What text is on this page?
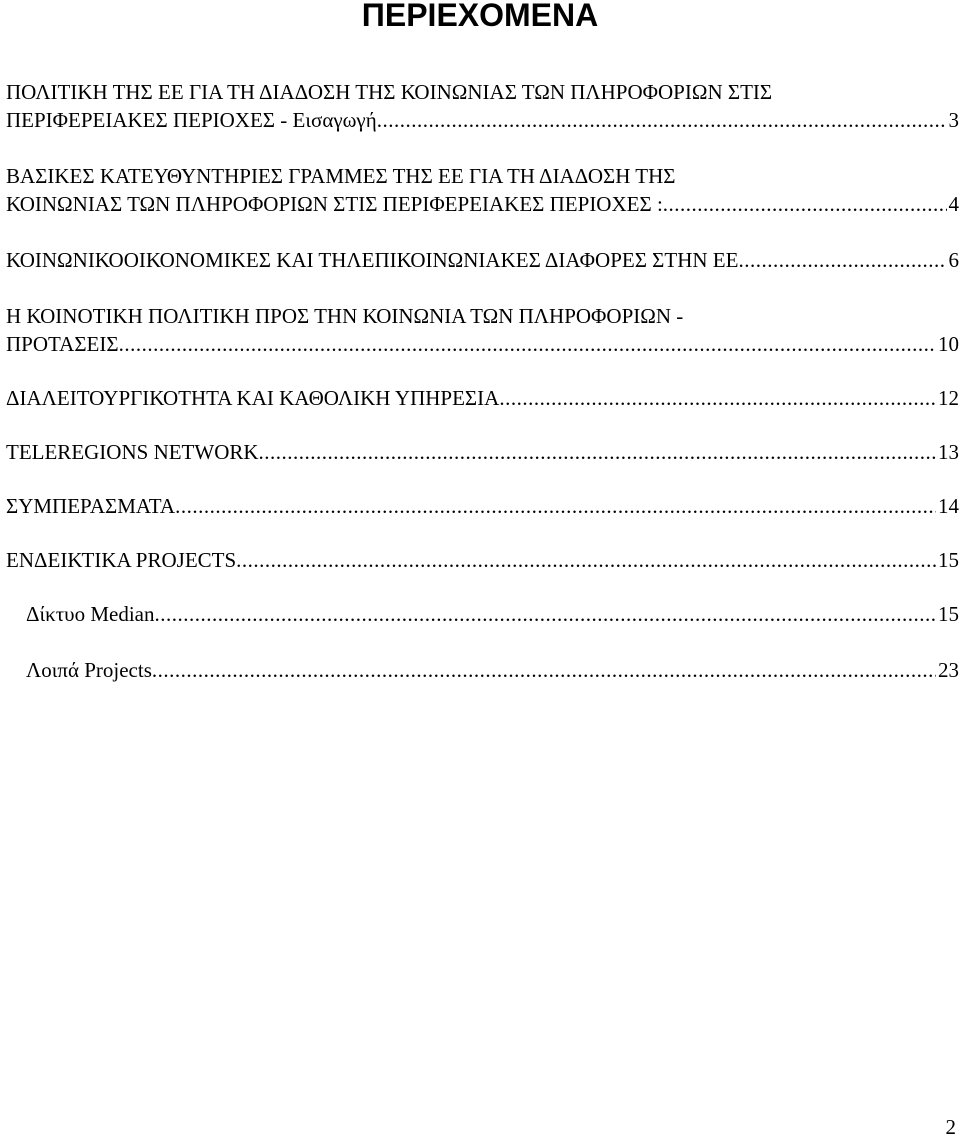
ΠΕΡΙΕΧΟΜΕΝΑ
ΠΟΛΙΤΙΚΗ ΤΗΣ ΕΕ ΓΙΑ ΤΗ ΔΙΑΔΟΣΗ ΤΗΣ ΚΟΙΝΩΝΙΑΣ ΤΩΝ ΠΛΗΡΟΦΟΡΙΩΝ ΣΤΙΣ
ΠΕΡΙΦΕΡΕΙΑΚΕΣ ΠΕΡΙΟΧΕΣ - Εισαγωγή .....	3
ΒΑΣΙΚΕΣ ΚΑΤΕΥΘΥΝΤΗΡΙΕΣ ΓΡΑΜΜΕΣ ΤΗΣ ΕΕ ΓΙΑ ΤΗ ΔΙΑΔΟΣΗ ΤΗΣ
ΚΟΙΝΩΝΙΑΣ ΤΩΝ ΠΛΗΡΟΦΟΡΙΩΝ ΣΤΙΣ ΠΕΡΙΦΕΡΕΙΑΚΕΣ ΠΕΡΙΟΧΕΣ : .....	4
ΚΟΙΝΩΝΙΚΟΟΙΚΟΝΟΜΙΚΕΣ ΚΑΙ ΤΗΛΕΠΙΚΟΙΝΩΝΙΑΚΕΣ ΔΙΑΦΟΡΕΣ ΣΤΗΝ ΕΕ .....	6
Η ΚΟΙΝΟΤΙΚΗ ΠΟΛΙΤΙΚΗ ΠΡΟΣ ΤΗΝ ΚΟΙΝΩΝΙΑ ΤΩΝ ΠΛΗΡΟΦΟΡΙΩΝ -
ΠΡΟΤΑΣΕΙΣ .....	10
ΔΙΑΛΕΙΤΟΥΡΓΙΚΟΤΗΤΑ ΚΑΙ ΚΑΘΟΛΙΚΗ ΥΠΗΡΕΣΙΑ .....	12
TELEREGIONS NETWORK .....	13
ΣΥΜΠΕΡΑΣΜΑΤΑ .....	14
ΕΝΔΕΙΚΤΙΚΑ PROJECTS .....	15
Δίκτυο Median .....	15
Λοιπά Projects .....	23
2
